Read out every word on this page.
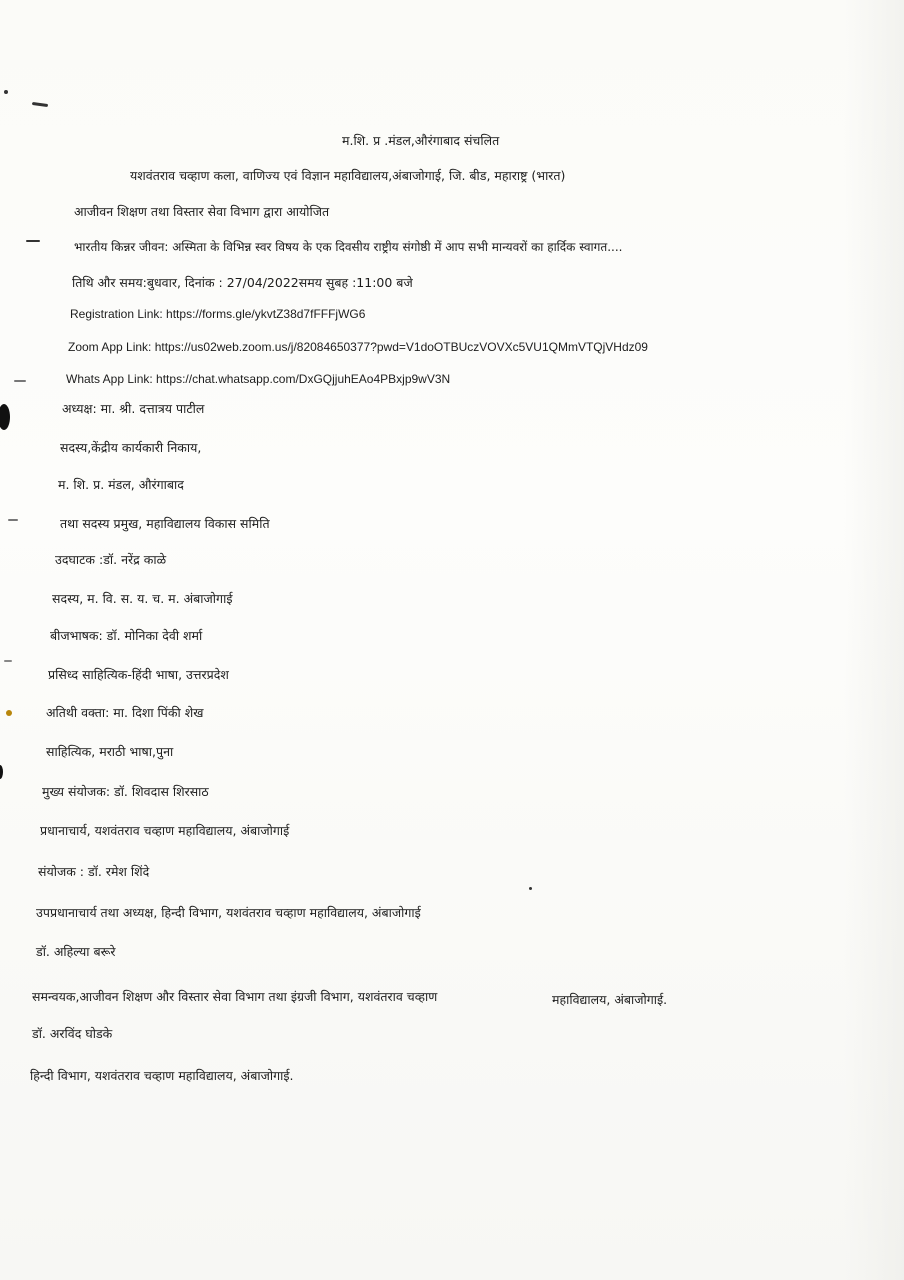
म.शि. प्र .मंडल,औरंगाबाद संचलित
यशवंतराव चव्हाण कला, वाणिज्य एवं विज्ञान महाविद्यालय,अंबाजोगाई, जि. बीड, महाराष्ट्र (भारत)
आजीवन शिक्षण तथा विस्तार सेवा विभाग द्वारा आयोजित
भारतीय किन्नर जीवन: अस्मिता के विभिन्न स्वर विषय के एक दिवसीय राष्ट्रीय संगोष्ठी में आप सभी मान्यवरों का हार्दिक स्वागत....
तिथि और समय:बुधवार, दिनांक : 27/04/2022समय सुबह :11:00 बजे
Registration Link: https://forms.gle/ykvtZ38d7fFFFjWG6
Zoom App Link: https://us02web.zoom.us/j/82084650377?pwd=V1doOTBUczVOVXc5VU1QMmVTQjVHdz09
Whats App Link: https://chat.whatsapp.com/DxGQjjuhEAo4PBxjp9wV3N
अध्यक्ष: मा. श्री. दत्तात्रय पाटील
सदस्य,केंद्रीय कार्यकारी निकाय,
म. शि. प्र. मंडल, औरंगाबाद
तथा सदस्य प्रमुख, महाविद्यालय विकास समिति
उदघाटक :डॉ. नरेंद्र काळे
सदस्य, म. वि. स. य. च. म. अंबाजोगाई
बीजभाषक: डॉ. मोनिका देवी शर्मा
प्रसिध्द साहित्यिक-हिंदी भाषा, उत्तरप्रदेश
अतिथी वक्ता: मा. दिशा पिंकी शेख
साहित्यिक, मराठी भाषा,पुना
मुख्य संयोजक: डॉ. शिवदास शिरसाठ
प्रधानाचार्य, यशवंतराव चव्हाण महाविद्यालय, अंबाजोगाई
संयोजक : डॉ. रमेश शिंदे
उपप्रधानाचार्य तथा अध्यक्ष, हिन्दी विभाग, यशवंतराव चव्हाण महाविद्यालय, अंबाजोगाई
डॉ. अहिल्या बरूरे
समन्वयक,आजीवन शिक्षण और विस्तार सेवा विभाग तथा इंग्रजी विभाग, यशवंतराव चव्हाण	महाविद्यालय, अंबाजोगाई.
डॉ. अरविंद घोडके
हिन्दी विभाग, यशवंतराव चव्हाण महाविद्यालय, अंबाजोगाई.
